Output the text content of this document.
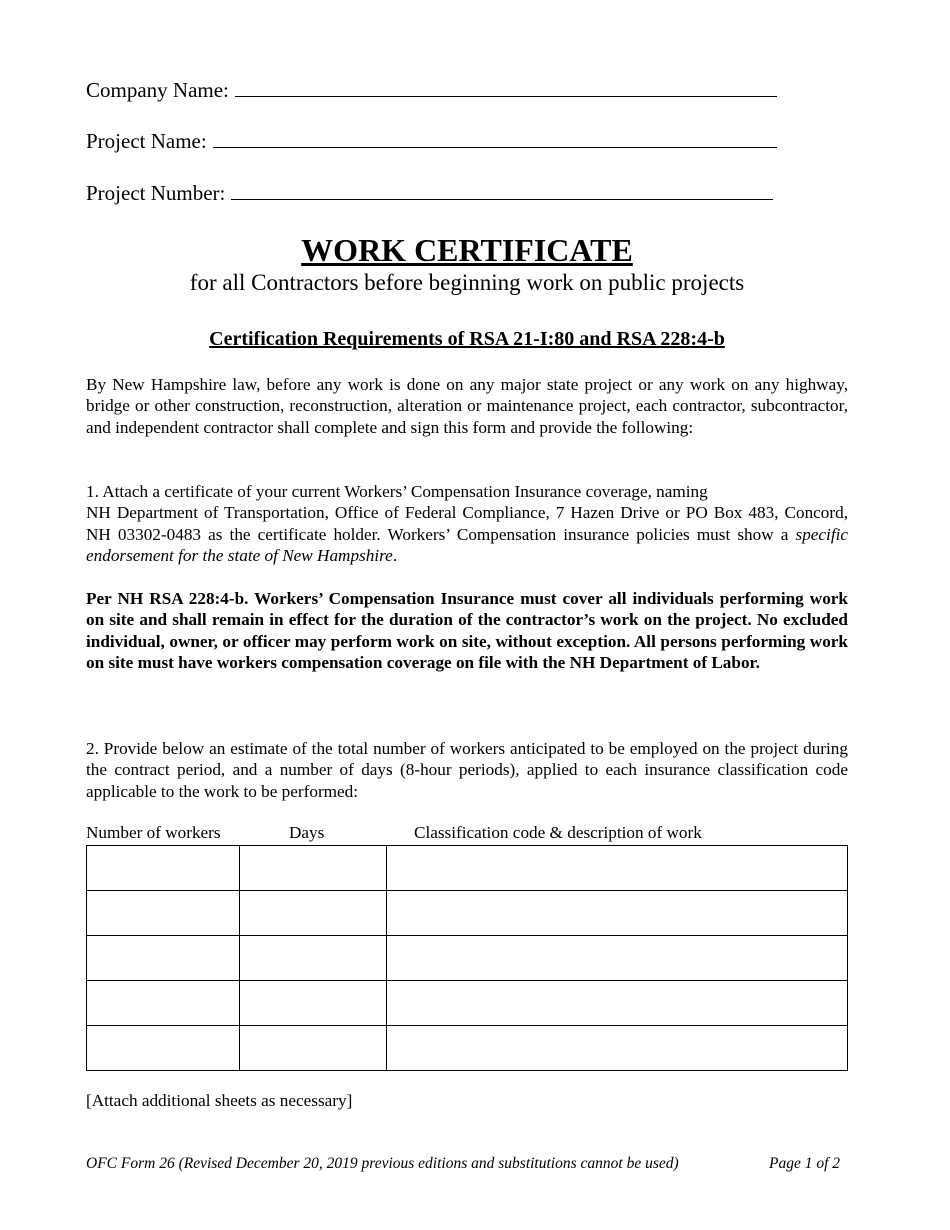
Company Name:
Project Name:
Project Number:
WORK CERTIFICATE
for all Contractors before beginning work on public projects
Certification Requirements of RSA 21-I:80 and RSA 228:4-b
By New Hampshire law, before any work is done on any major state project or any work on any highway, bridge or other construction, reconstruction, alteration or maintenance project, each contractor, subcontractor, and independent contractor shall complete and sign this form and provide the following:
1. Attach a certificate of your current Workers’ Compensation Insurance coverage, naming
NH Department of Transportation, Office of Federal Compliance, 7 Hazen Drive or PO Box 483, Concord, NH 03302-0483 as the certificate holder. Workers’ Compensation insurance policies must show a specific endorsement for the state of New Hampshire.
Per NH RSA 228:4-b. Workers’ Compensation Insurance must cover all individuals performing work on site and shall remain in effect for the duration of the contractor’s work on the project. No excluded individual, owner, or officer may perform work on site, without exception. All persons performing work on site must have workers compensation coverage on file with the NH Department of Labor.
2. Provide below an estimate of the total number of workers anticipated to be employed on the project during the contract period, and a number of days (8-hour periods), applied to each insurance classification code applicable to the work to be performed:
Number of workers	Days	Classification code & description of work

[Attach additional sheets as necessary]
OFC Form 26 (Revised December 20, 2019 previous editions and substitutions cannot be used)	Page 1 of 2
